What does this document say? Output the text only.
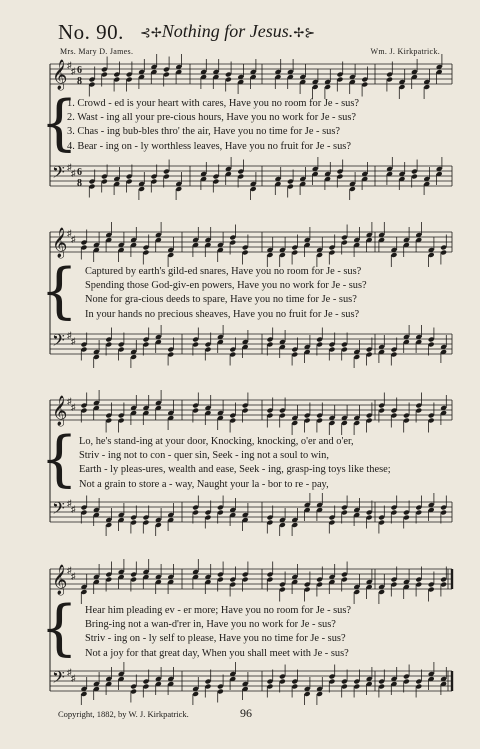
No. 90. ⊰✢Nothing for Jesus.✢⊱
Mrs. Mary D. James.	Wm. J. Kirkpatrick.
{
𝄞 ♯
♯ 6
8
𝄢 ♯
♯ 6
8
{
𝄞 ♯
♯
𝄢 ♯
♯
{
𝄞 ♯
♯
𝄢 ♯
♯
{
𝄞 ♯
♯
𝄢 ♯
♯
1. Crowd - ed is your heart with cares, Have you no room for Je - sus?
2. Wast - ing all your pre-cious hours, Have you no work for Je - sus?
3. Chas - ing bub-bles thro' the air, Have you no time for Je - sus?
4. Bear - ing on - ly worthless leaves, Have you no fruit for Je - sus?
Captured by earth's gild-ed snares, Have you no room for Je - sus?
Spending those God-giv-en powers, Have you no work for Je - sus?
None for gra-cious deeds to spare, Have you no time for Je - sus?
In your hands no precious sheaves, Have you no fruit for Je - sus?
Lo, he's stand-ing at your door, Knocking, knocking, o'er and o'er,
Striv - ing not to con - quer sin, Seek - ing not a soul to win,
Earth - ly pleas-ures, wealth and ease, Seek - ing, grasp-ing toys like these;
Not a grain to store a - way, Naught your la - bor to re - pay,
Hear him pleading ev - er more; Have you no room for Je - sus?
Bring-ing not a wan-d'rer in, Have you no work for Je - sus?
Striv - ing on - ly self to please, Have you no time for Je - sus?
Not a joy for that great day, When you shall meet with Je - sus?
Copyright, 1882, by W. J. Kirkpatrick.	96
